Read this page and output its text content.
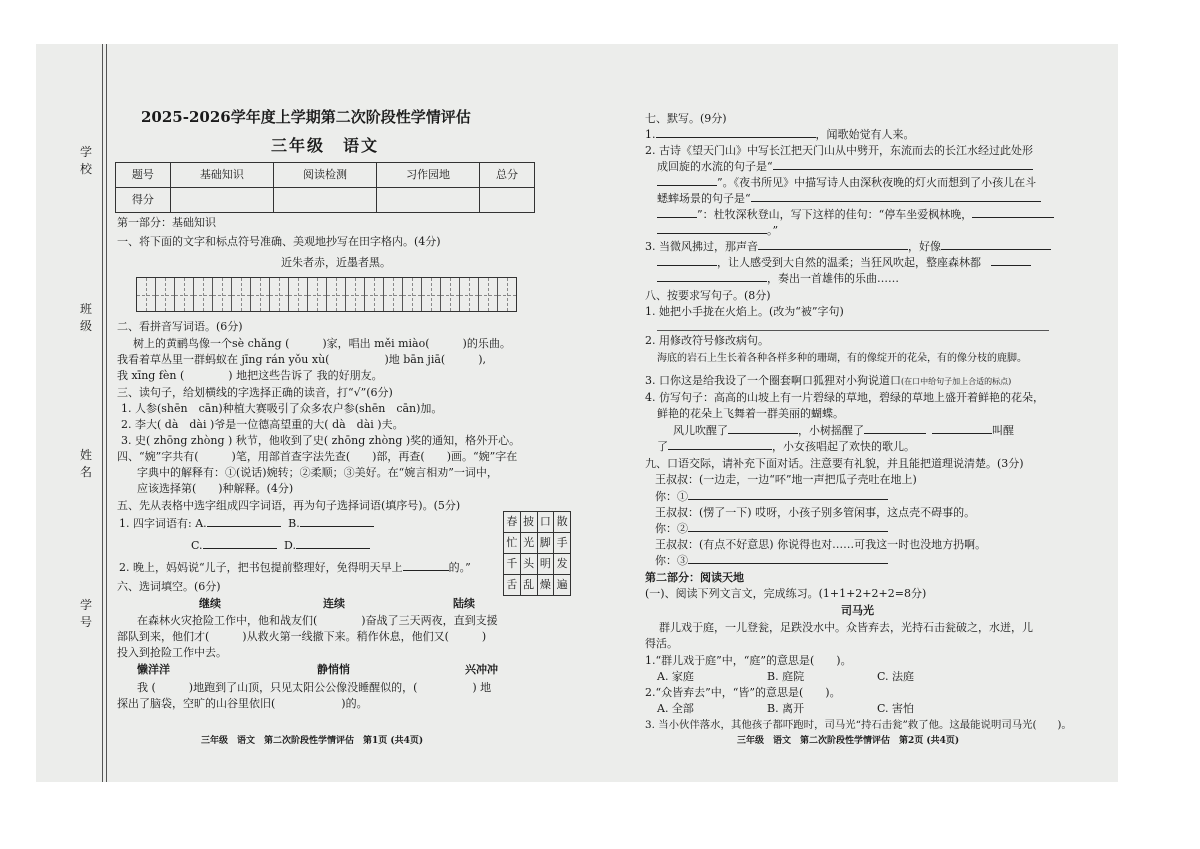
学校
班级
姓名
学号
2025-2026学年度上学期第二次阶段性学情评估
三年级　语文
题号	基础知识	阅读检测	习作园地	总分
得分				
第一部分：基础知识
一、将下面的文字和标点符号准确、美观地抄写在田字格内。(4分)
近朱者赤，近墨者黑。
二、看拼音写词语。(6分)
树上的黄鹂鸟像一个sè chǎng (　　　)家，唱出 měi miào(　　　)的乐曲。
我看着草丛里一群蚂蚁在 jīng rán yǒu xù(　　　　　)地 bān jiā(　　　),
我 xīng fèn (　　　　) 地把这些告诉了 我的好朋友。
三、读句子，给划横线的字选择正确的读音，打“√”(6分)
1. 人参(shēn　cān)种植大赛吸引了众多农户参(shēn　cān)加。
2. 李大( dà　dài )爷是一位德高望重的大( dà　dài )夫。
3. 史( zhōng zhòng ) 秋节，他收到了史( zhōng zhòng )奖的通知，格外开心。
四、“婉”字共有(　　　)笔，用部首查字法先查(　　)部，再查(　　)画。“婉”字在
字典中的解释有：①(说话)婉转；②柔顺；③美好。在“婉言相劝”一词中，
应该选择第(　　)种解释。(4分)
五、先从表格中选字组成四字词语，再为句子选择词语(填序号)。(5分)
1. 四字词语有: A.	B.
C.	D.
2. 晚上，妈妈说“儿子，把书包提前整理好，免得明天早上	的。”
春	披	口	散
忙	光	脚	手
千	头	明	发
舌	乱	燥	遍
六、选词填空。(6分)
继续	连续	陆续
在森林火灾抢险工作中，他和战友们(　　　　)奋战了三天两夜，直到支援
部队到来，他们才(　　　)从救火第一线撤下来。稍作休息，他们又(　　　)
投入到抢险工作中去。
懒洋洋	静悄悄	兴冲冲
我 (　　　)地跑到了山顶，只见太阳公公像没睡醒似的，(　　　　　) 地
探出了脑袋，空旷的山谷里依旧(　　　　　　)的。
三年级　语文　第二次阶段性学情评估　第1页 (共4页)
七、默写。(9分)
1.	，闻歌始觉有人来。
2. 古诗《望天门山》中写长江把天门山从中劈开，东流而去的长江水经过此处形
成回旋的水流的句子是“
”。《夜书所见》中描写诗人由深秋夜晚的灯火而想到了小孩儿在斗
蟋蟀场景的句子是“
”：杜牧深秋登山，写下这样的佳句：“停车坐爱枫林晚，
。”
3. 当微风拂过，那声音	，好像
，让人感受到大自然的温柔；当狂风吹起，整座森林都
，奏出一首雄伟的乐曲……
八、按要求写句子。(8分)
1. 她把小手拢在火焰上。(改为“被”字句)
2. 用修改符号修改病句。
海底的岩石上生长着各种各样多种的珊瑚，有的像绽开的花朵，有的像分枝的鹿脚。
3. 口你这是给我设了一个圈套啊口狐狸对小狗说道口(在口中给句子加上合适的标点)
4. 仿写句子：高高的山坡上有一片碧绿的草地，碧绿的草地上盛开着鲜艳的花朵，
鲜艳的花朵上飞舞着一群美丽的蝴蝶。
风儿吹醒了	，小树摇醒了	叫醒
了	，小女孩唱起了欢快的歌儿。
九、口语交际，请补充下面对话。注意要有礼貌，并且能把道理说清楚。(3分)
王叔叔：(一边走，一边“吥”地一声把瓜子壳吐在地上)
你：①
王叔叔：(愣了一下) 哎呀，小孩子别多管闲事，这点壳不碍事的。
你：②
王叔叔：(有点不好意思) 你说得也对……可我这一时也没地方扔啊。
你：③
第二部分：阅读天地
(一)、阅读下列文言文，完成练习。(1+1+2+2+2=8分)
司马光
群儿戏于庭，一儿登瓮，足跌没水中。众皆弃去，光持石击瓮破之，水迸，儿
得活。
1.“群儿戏于庭”中，“庭”的意思是(　　)。
A. 家庭	B. 庭院	C. 法庭
2.“众皆弃去”中，“皆”的意思是(　　)。
A. 全部	B. 离开	C. 害怕
3. 当小伙伴落水，其他孩子都吓跑时，司马光“持石击瓮”救了他。这最能说明司马光(　　)。
三年级　语文　第二次阶段性学情评估　第2页 (共4页)
